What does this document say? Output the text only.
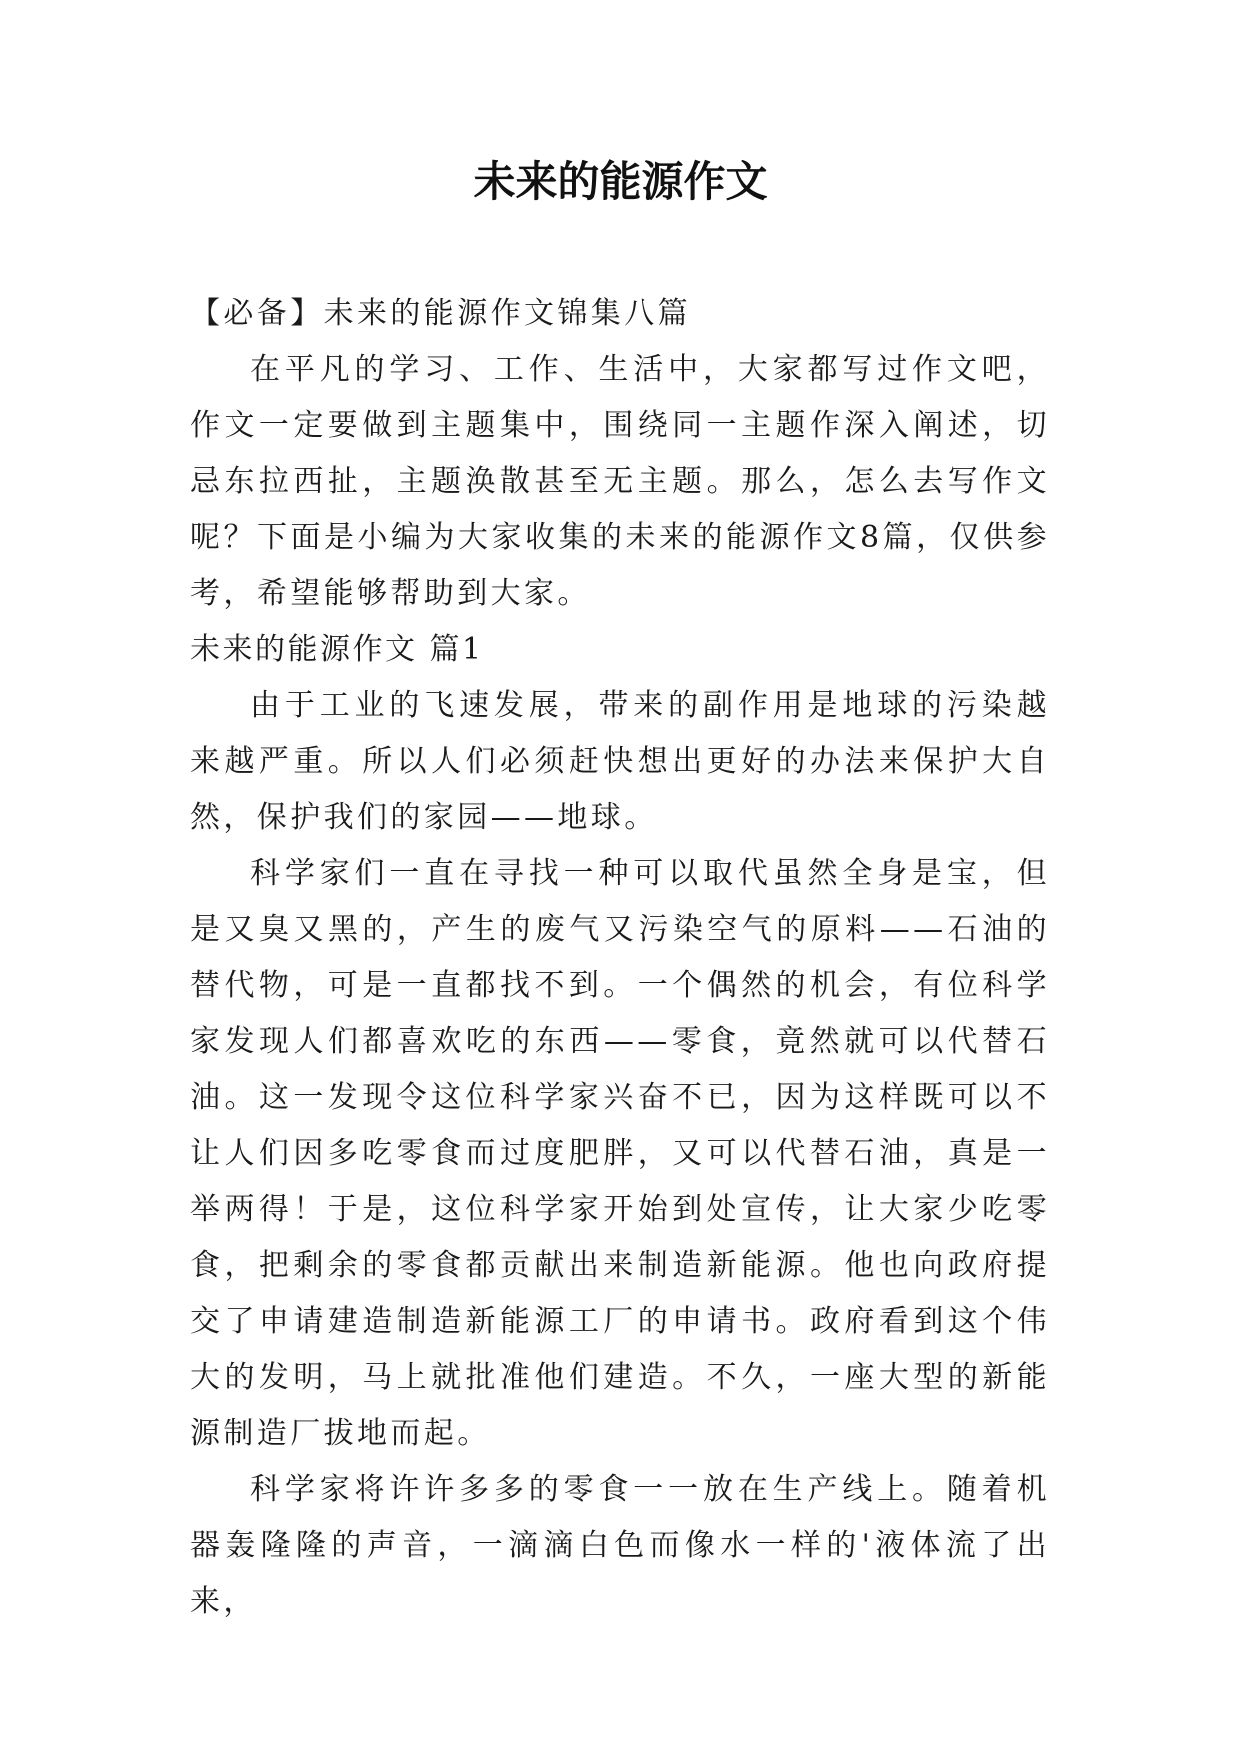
未来的能源作文

【必备】未来的能源作文锦集八篇

在平凡的学习、工作、生活中，大家都写过作文吧，作文一定要做到主题集中，围绕同一主题作深入阐述，切忌东拉西扯，主题涣散甚至无主题。那么，怎么去写作文呢？下面是小编为大家收集的未来的能源作文8篇，仅供参考，希望能够帮助到大家。

未来的能源作文 篇1

由于工业的飞速发展，带来的副作用是地球的污染越来越严重。所以人们必须赶快想出更好的办法来保护大自然，保护我们的家园——地球。

科学家们一直在寻找一种可以取代虽然全身是宝，但是又臭又黑的，产生的废气又污染空气的原料——石油的替代物，可是一直都找不到。一个偶然的机会，有位科学家发现人们都喜欢吃的东西——零食，竟然就可以代替石油。这一发现令这位科学家兴奋不已，因为这样既可以不让人们因多吃零食而过度肥胖，又可以代替石油，真是一举两得！于是，这位科学家开始到处宣传，让大家少吃零食，把剩余的零食都贡献出来制造新能源。他也向政府提交了申请建造制造新能源工厂的申请书。政府看到这个伟大的发明，马上就批准他们建造。不久，一座大型的新能源制造厂拔地而起。

科学家将许许多多的零食一一放在生产线上。随着机器轰隆隆的声音，一滴滴白色而像水一样的'液体流了出来，
